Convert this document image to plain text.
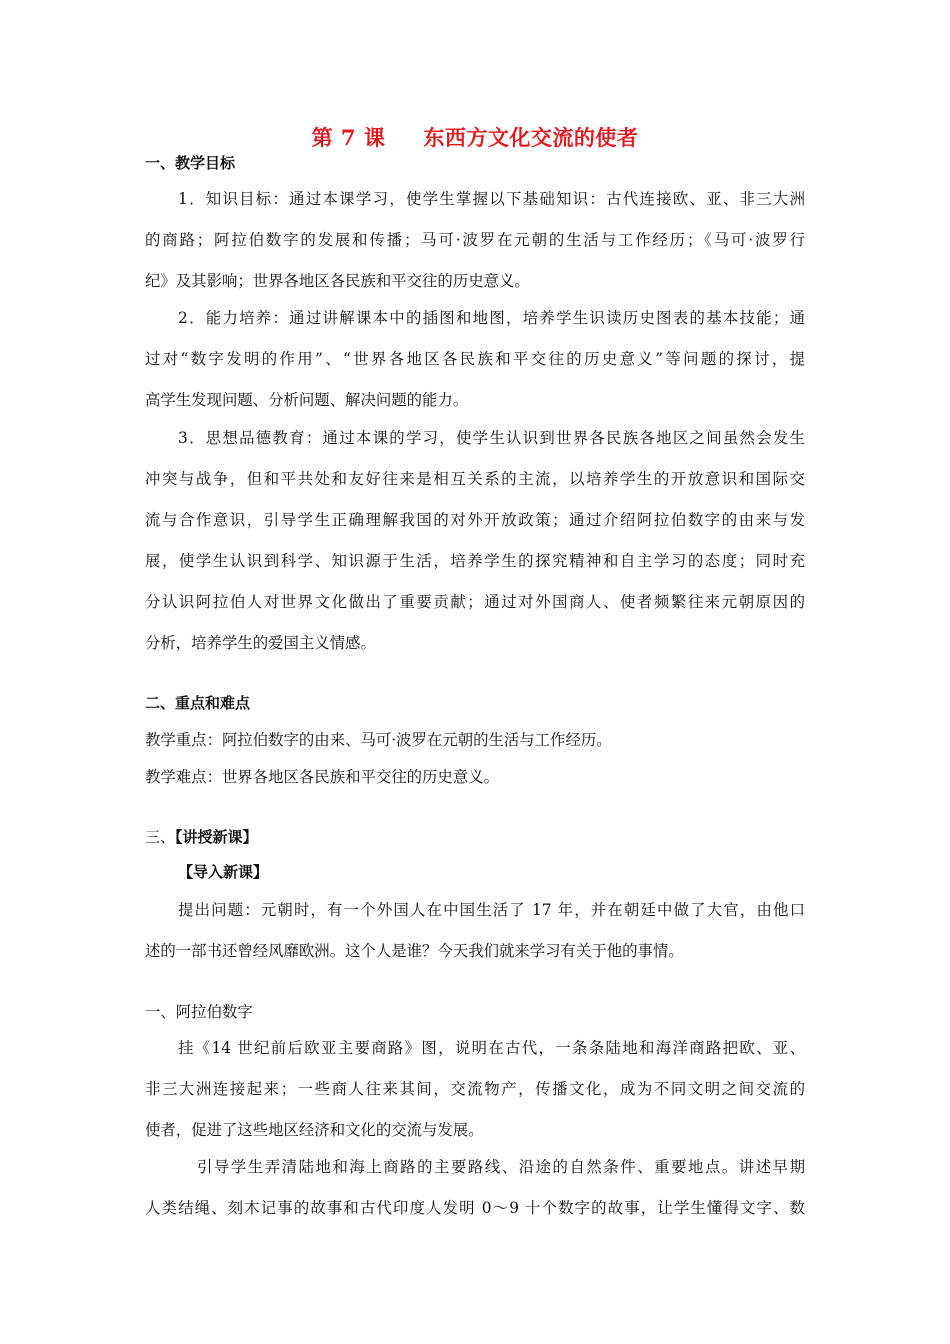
第 7 课 东西方文化交流的使者
一、教学目标
1．知识目标：通过本课学习，使学生掌握以下基础知识：古代连接欧、亚、非三大洲
的商路；阿拉伯数字的发展和传播；马可·波罗在元朝的生活与工作经历；《马可·波罗行
纪》及其影响；世界各地区各民族和平交往的历史意义。
2．能力培养：通过讲解课本中的插图和地图，培养学生识读历史图表的基本技能；通
过对“数字发明的作用”、“世界各地区各民族和平交往的历史意义”等问题的探讨，提
高学生发现问题、分析问题、解决问题的能力。
3．思想品德教育：通过本课的学习，使学生认识到世界各民族各地区之间虽然会发生
冲突与战争，但和平共处和友好往来是相互关系的主流，以培养学生的开放意识和国际交
流与合作意识，引导学生正确理解我国的对外开放政策；通过介绍阿拉伯数字的由来与发
展，使学生认识到科学、知识源于生活，培养学生的探究精神和自主学习的态度；同时充
分认识阿拉伯人对世界文化做出了重要贡献；通过对外国商人、使者频繁往来元朝原因的
分析，培养学生的爱国主义情感。
二、重点和难点
教学重点：阿拉伯数字的由来、马可·波罗在元朝的生活与工作经历。
教学难点：世界各地区各民族和平交往的历史意义。
三、【讲授新课】
【导入新课】
提出问题：元朝时，有一个外国人在中国生活了 17 年，并在朝廷中做了大官，由他口
述的一部书还曾经风靡欧洲。这个人是谁？今天我们就来学习有关于他的事情。
一、阿拉伯数字
挂《14 世纪前后欧亚主要商路》图，说明在古代，一条条陆地和海洋商路把欧、亚、
非三大洲连接起来；一些商人往来其间，交流物产，传播文化，成为不同文明之间交流的
使者，促进了这些地区经济和文化的交流与发展。
引导学生弄清陆地和海上商路的主要路线、沿途的自然条件、重要地点。讲述早期
人类结绳、刻木记事的故事和古代印度人发明 0～9 十个数字的故事，让学生懂得文字、数
